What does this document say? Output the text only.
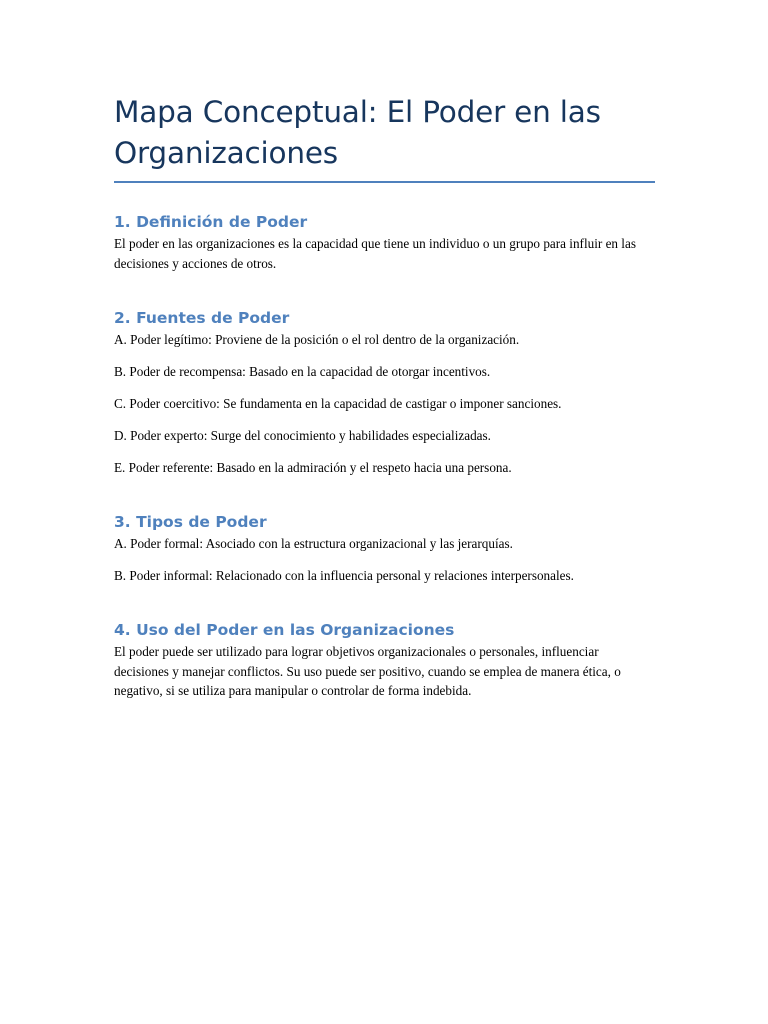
Mapa Conceptual: El Poder en las Organizaciones
1. Definición de Poder

El poder en las organizaciones es la capacidad que tiene un individuo o un grupo para influir en las decisiones y acciones de otros.

2. Fuentes de Poder

A. Poder legítimo: Proviene de la posición o el rol dentro de la organización.

B. Poder de recompensa: Basado en la capacidad de otorgar incentivos.

C. Poder coercitivo: Se fundamenta en la capacidad de castigar o imponer sanciones.

D. Poder experto: Surge del conocimiento y habilidades especializadas.

E. Poder referente: Basado en la admiración y el respeto hacia una persona.

3. Tipos de Poder

A. Poder formal: Asociado con la estructura organizacional y las jerarquías.

B. Poder informal: Relacionado con la influencia personal y relaciones interpersonales.

4. Uso del Poder en las Organizaciones

El poder puede ser utilizado para lograr objetivos organizacionales o personales, influenciar decisiones y manejar conflictos. Su uso puede ser positivo, cuando se emplea de manera ética, o negativo, si se utiliza para manipular o controlar de forma indebida.
